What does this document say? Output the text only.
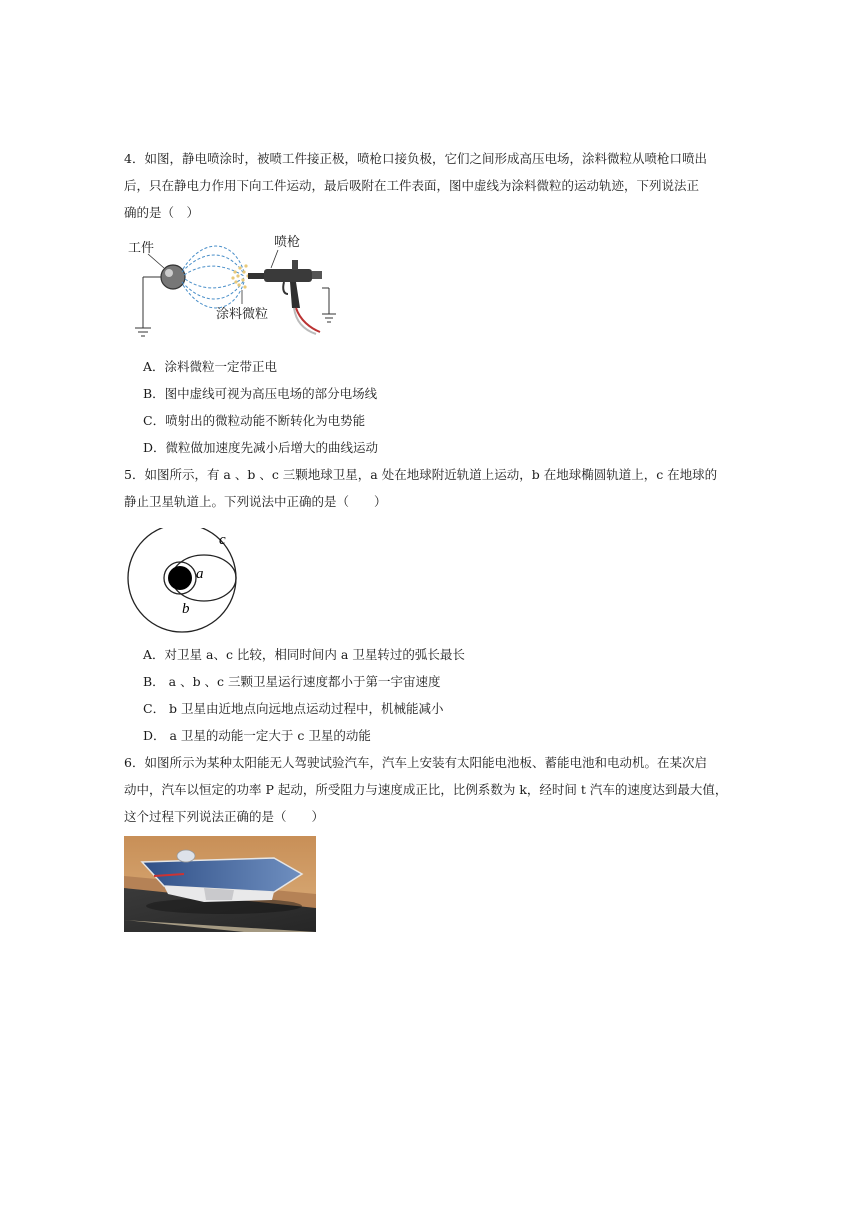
4．如图，静电喷涂时，被喷工件接正极，喷枪口接负极，它们之间形成高压电场，涂料微粒从喷枪口喷出
后，只在静电力作用下向工件运动，最后吸附在工件表面，图中虚线为涂料微粒的运动轨迹，下列说法正
确的是（　）
工件	喷枪
涂料微粒
A．涂料微粒一定带正电
B．图中虚线可视为高压电场的部分电场线
C．喷射出的微粒动能不断转化为电势能
D．微粒做加速度先减小后增大的曲线运动
5．如图所示，有 a 、b 、c 三颗地球卫星，a 处在地球附近轨道上运动，b 在地球椭圆轨道上，c 在地球的
静止卫星轨道上。下列说法中正确的是（　　）
a
b
c
A．对卫星 a、c 比较，相同时间内 a 卫星转过的弧长最长
B． a 、b 、c 三颗卫星运行速度都小于第一宇宙速度
C． b 卫星由近地点向远地点运动过程中，机械能减小
D． a 卫星的动能一定大于 c 卫星的动能
6．如图所示为某种太阳能无人驾驶试验汽车，汽车上安装有太阳能电池板、蓄能电池和电动机。在某次启
动中，汽车以恒定的功率 P 起动，所受阻力与速度成正比，比例系数为 k，经时间 t 汽车的速度达到最大值，
这个过程下列说法正确的是（　　）
